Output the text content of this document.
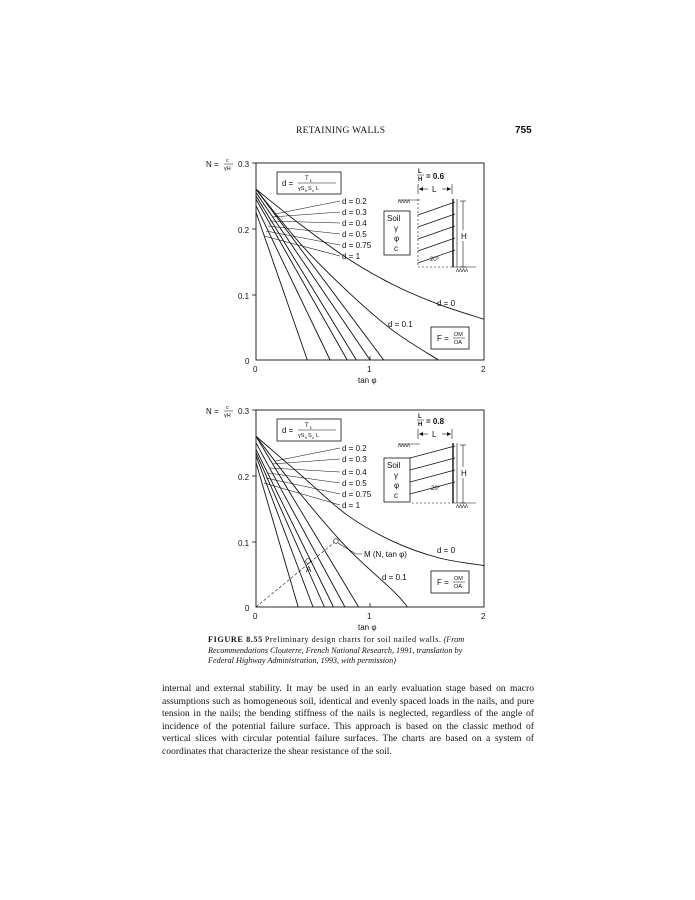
RETAINING WALLS	755
0.3
0.2
0.1
0
0	1	2
tan φ
N = c
γH
d = T L
γS h S v L
d = 0.2
d = 0.3
d = 0.4
d = 0.5
d = 0.75
d = 1
d = 0
d = 0.1
Soil
γ
φ
c
F = OM
OA
L
H = 0.6
L
ʌʌʌʌ
ʌʌʌʌ
H
20°
0.3
0.2
0.1
0
0	1	2
tan φ
N = c
γH
d = T L
γS h S v L
d = 0.2
d = 0.3
d = 0.4
d = 0.5
d = 0.75
d = 1
d = 0
d = 0.1
M (N, tan φ)
A
Soil
γ
φ
c
F = OM
OA
L
H = 0.8
L
ʌʌʌʌ
ʌʌʌʌ
H
20°
FIGURE 8.55 Preliminary design charts for soil nailed walls. (From Recommendations Clouterre, French National Research, 1991, translation by Federal Highway Administration, 1993, with permission)
internal and external stability. It may be used in an early evaluation stage based on macro assumptions such as homogeneous soil, identical and evenly spaced loads in the nails, and pure tension in the nails; the bending stiffness of the nails is neglected, regardless of the angle of incidence of the potential failure surface. This approach is based on the classic method of vertical slices with circular potential failure surfaces. The charts are based on a system of coordinates that characterize the shear resistance of the soil.
